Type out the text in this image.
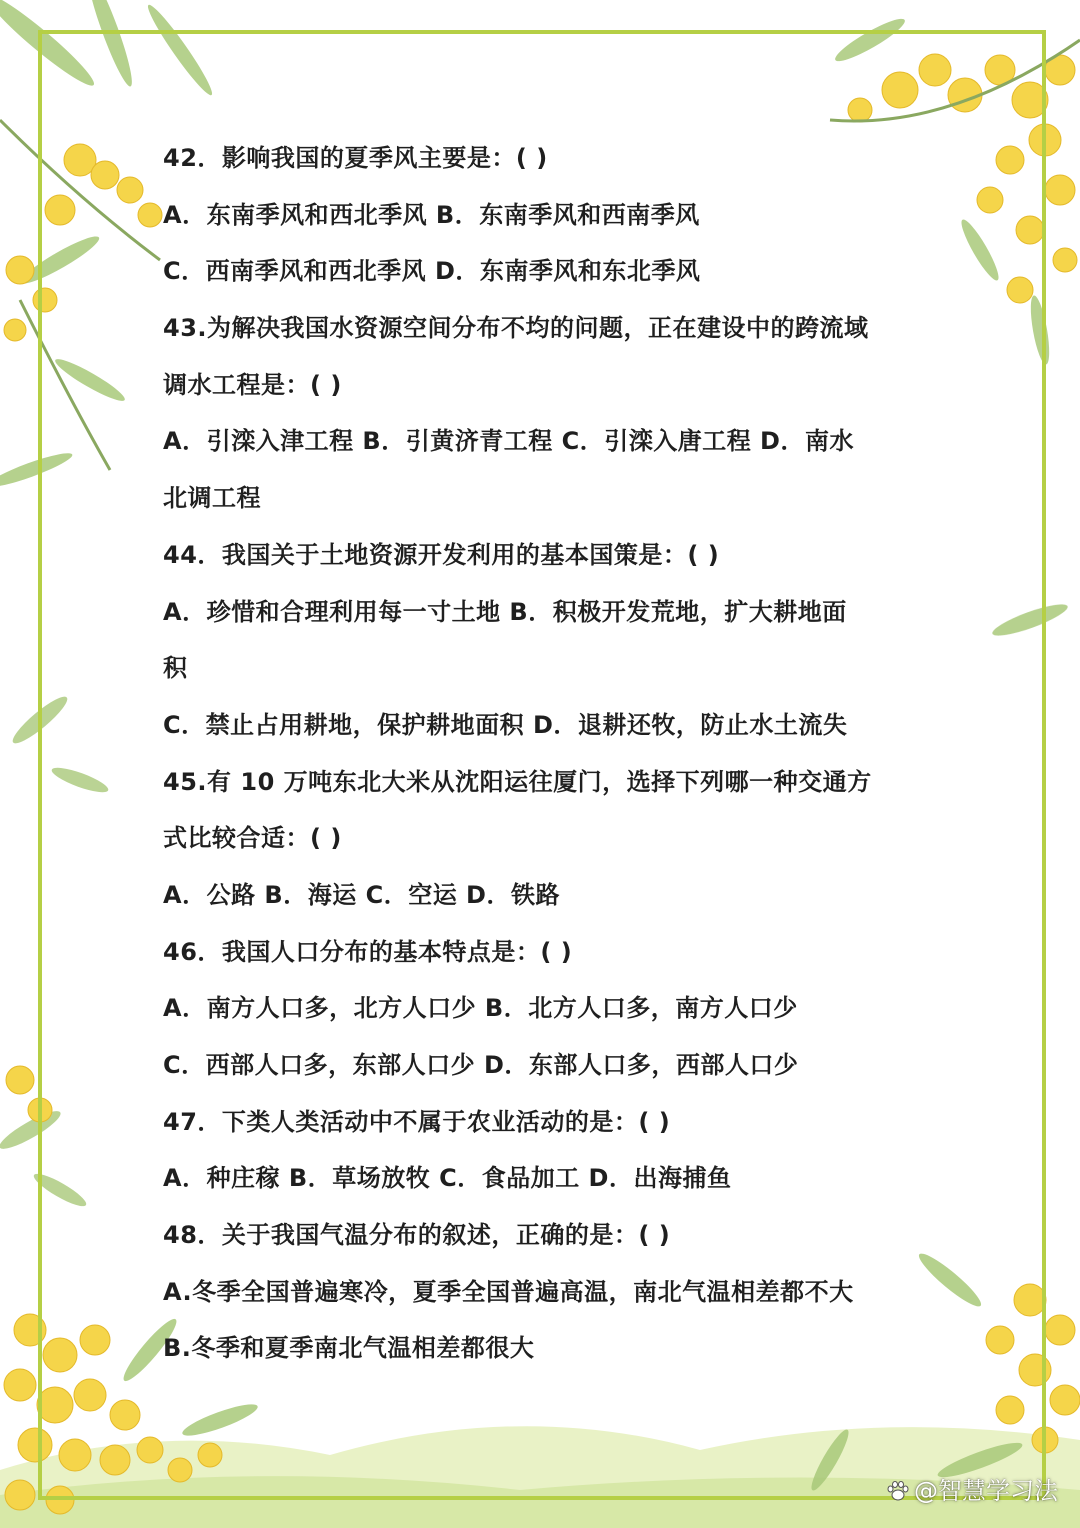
42．影响我国的夏季风主要是：( )
A．东南季风和西北季风 B．东南季风和西南季风
C．西南季风和西北季风 D．东南季风和东北季风
43.为解决我国水资源空间分布不均的问题，正在建设中的跨流域
调水工程是：( )
A．引滦入津工程 B．引黄济青工程 C．引滦入唐工程 D．南水
北调工程
44．我国关于土地资源开发利用的基本国策是：( )
A．珍惜和合理利用每一寸土地 B．积极开发荒地，扩大耕地面
积
C．禁止占用耕地，保护耕地面积 D．退耕还牧，防止水土流失
45.有 10 万吨东北大米从沈阳运往厦门，选择下列哪一种交通方
式比较合适：( )
A．公路 B．海运 C．空运 D．铁路
46．我国人口分布的基本特点是：( )
A．南方人口多，北方人口少 B．北方人口多，南方人口少
C．西部人口多，东部人口少 D．东部人口多，西部人口少
47．下类人类活动中不属于农业活动的是：( )
A．种庄稼 B．草场放牧 C．食品加工 D．出海捕鱼
48．关于我国气温分布的叙述，正确的是：( )
A.冬季全国普遍寒冷，夏季全国普遍高温，南北气温相差都不大
B.冬季和夏季南北气温相差都很大
@智慧学习法
